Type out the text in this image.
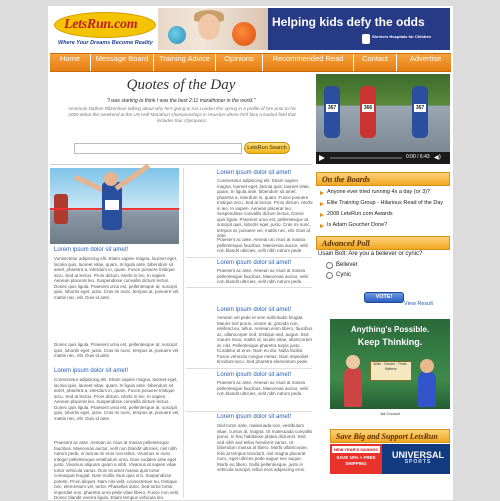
LetsRun.com
Where Your Dreams Become Reality
Helping kids defy the odds
Shriners Hospitals for Children
Home	Message Board	Training Advice	Opinions	Recommended Read	Contact	Advertise
Quotes of the Day
"I was starting to think I was the best 2:11 marathoner in the world."
American Dathan Ritzenhein talking about why he's going to run London this spring in a profile of him prior to his 2009 debut this weekend at the US Half Marathon championships in Houston where he'll face a loaded field that includes four Olympians.
LetsRun Search
Lorem ipsum dolor sit amet!
Vonsectetur adipiscing elit. Etiam sapien magna, laoreet eget, lacinia quis, laoreet vitae, quam. In ligula ante, bibendum sit amet, pharetra a, interdum in, quam. Fusce posuere tristique arcu. Sed at lectus. Proin dictum. Morbi in leo. In sapien. Aenean placerat leo. Suspendisse convallis dictum lectus. Donec quis ligula. Praesent urna est, pellentesque at, suscipit quis, lobortis eget, justo. Cras mi nunc, tempus at, posuere vel, mattis nec, elit. Duis id ante.
Donec quis ligula. Praesent urna est, pellentesque at, suscipit quis, lobortis eget, justo. Cras mi nunc, tempus at, posuere vel, mattis nec, elit. Duis id ante.
Lorem ipsum dolor sit amet!
Consectetur adipiscing elit. Etiam sapien magna, laoreet eget, lacinia quis, laoreet vitae, quam. In ligula ante, bibendum sit amet, pharetra a, interdum in, quam. Fusce posuere tristique arcu. Sed at lectus. Proin dictum. Morbi in leo. In sapien. Aenean placerat leo. Suspendisse convallis dictum lectus. Donec quis ligula. Praesent urna est, pellentesque at, suscipit quis, lobortis eget, justo. Cras mi nunc, tempus at, posuere vel, mattis nec, elit. Duis id ante.
Praesent ac ante. Aenean ac risus at massa pellentesque faucibus. Maecenas auctor, velit non blandit ultricies, nisl nibh rutrum pede, in lacinia mi eros non tellus. Vivamus in nunc. Integer pellentesque vestibulum urna. Duis sodales ante eget justo. Vivamus aliquam quam a nibh. Vivamus at sapien vitae tortor vehicula varius. Duis sit amet massa quis tortor consequat feugiat. Nam mollis risus quis orci. Suspendisse potenti. Proin aliquet. Nam nisi velit, consectetuer eu, tristique nec, elementum vel, tortor. Phasellus dolor. Sed tortor tortor, imperdiet non, pharetra urna pede vitae libero. Fusce non velit. Donec blandit viverra ligula. Etiam tempus vehicula leo.
Lorem ipsum dolor sit amet!
Consectetur adipiscing elit. Etiam sapien magna, laoreet eget, lacinia quis, laoreet vitae, quam. In ligula ante, bibendum sit amet, pharetra a, interdum in, quam. Fusce posuere tristique arcu. Sed at lectus. Proin dictum. Morbi in leo. In sapien. Aenean placerat leo. Suspendisse convallis dictum lectus. Donec quis ligula. Praesent urna est, pellentesque at, suscipit quis, lobortis eget, justo. Cras mi nunc, tempus at, posuere vel, mattis nec, elit. Duis id ante.
Praesent ac ante. Aenean ac risus at massa pellentesque faucibus. Maecenas auctor, velit non blandit ultricies, velit nibh rutrum pede.
Lorem ipsum dolor sit amet!
Praesent ac ante. Aenean ac risus at massa pellentesque faucibus. Maecenas auctor, velit non blandit ultricies, velit nibh rutrum pede.
Lorem ipsum dolor sit amet!
Aenean vel pede et sem sollicitudin feugiat. Mauris nisl purus, ornare at, gravida non, eleifend eu, tellus. Aenean enim libero, faucibus ac, ullamcorper sed, tristique sed, augue. Sed mauris risus, mattis id, iaculis vitae, ullamcorper at, nisl. Pellentesque pharetra turpis justo. Curabitur at eros. Nam eu dui. Nulla facilisi. Fusce vehicula congue metus. Nam imperdiet tincidunt arcu. Sed pharetra elementum pede.
Lorem ipsum dolor sit amet!
Praesent ac ante. Aenean ac risus at massa pellentesque faucibus. Maecenas auctor, velit non blandit ultricies, velit nibh rutrum pede.
Lorem ipsum dolor sit amet!
Sed tortor ante, malesuada non, vestibulum vitae, cursus at, magna. Ut malesuada convallis purus. In hac habitasse platea dictumst. Sed sed nibh sed tellus hendrerit varius. Ut bibendum massa at libero. Morbi ullamcorper, felis at tempus tincidunt, nisl magna placerat nunc, eget ultrices pede augue nec augue. Morbi eu libero. Nulla pellentesque, justo in vehicula suscipit, tellus eros adipiscing eros.
367	366	367
0:00 / 6:43 ◀)
On the Boards
Anyone ever tried running 4x a day (or 3)?
Elite Training Group - Hilarious Read of the Day
2008 LetsRun.com Awards
Is Adam Goucher Done?
Advanced Poll
Usain Bolt: Are you a believer or cynic?
Believer
Cynic
VOTE!
View Result
Anything's Possible.
Keep Thinking.
Wish - Dream - Think - Believe
Ad Council
Save Big and Support LetsRun
NEW YEAR'S SAVINGS
SAVE 10% + FREE SHIPPING
UNIVERSAL
SPORTS
